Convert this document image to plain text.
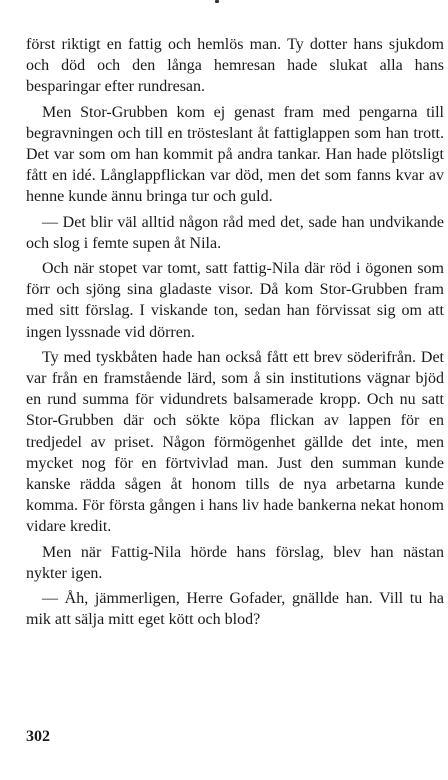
först riktigt en fattig och hemlös man. Ty dotter hans sjukdom och död och den långa hemresan hade slukat alla hans besparingar efter rundresan.

Men Stor-Grubben kom ej genast fram med pengarna till begravningen och till en trösteslant åt fattiglappen som han trott. Det var som om han kommit på andra tankar. Han hade plötsligt fått en idé. Långlappflickan var död, men det som fanns kvar av henne kunde ännu bringa tur och guld.

— Det blir väl alltid någon råd med det, sade han undvikande och slog i femte supen åt Nila.

Och när stopet var tomt, satt fattig-Nila där röd i ögonen som förr och sjöng sina gladaste visor. Då kom Stor-Grubben fram med sitt förslag. I viskande ton, sedan han förvissat sig om att ingen lyssnade vid dörren.

Ty med tyskbåten hade han också fått ett brev söderifrån. Det var från en framstående lärd, som å sin institutions vägnar bjöd en rund summa för vidundrets balsamerade kropp. Och nu satt Stor-Grubben där och sökte köpa flickan av lappen för en tredjedel av priset. Någon förmögenhet gällde det inte, men mycket nog för en förtvivlad man. Just den summan kunde kanske rädda sågen åt honom tills de nya arbetarna kunde komma. För första gången i hans liv hade bankerna nekat honom vidare kredit.

Men när Fattig-Nila hörde hans förslag, blev han nästan nykter igen.

— Åh, jämmerligen, Herre Gofader, gnällde han. Vill tu ha mik att sälja mitt eget kött och blod?

302
